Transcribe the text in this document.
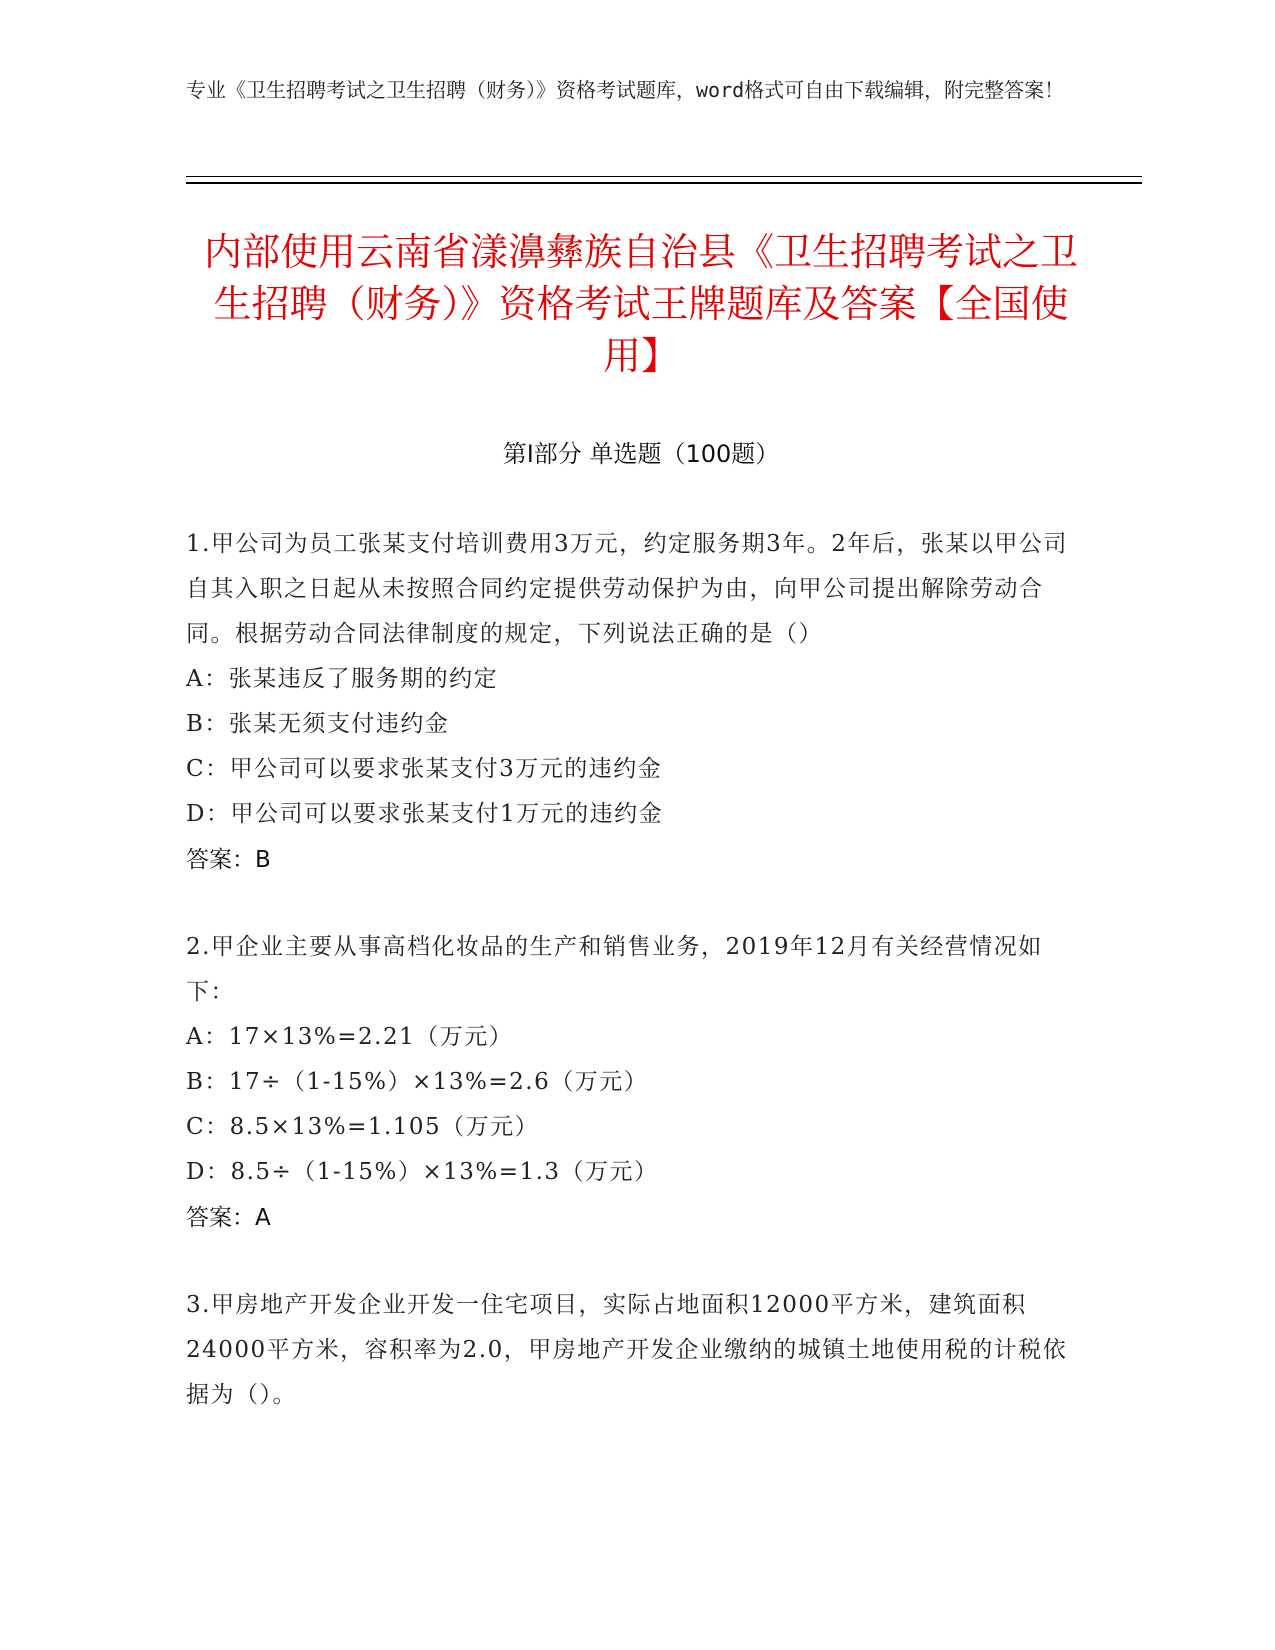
专业《卫生招聘考试之卫生招聘（财务）》资格考试题库，word格式可自由下载编辑，附完整答案！
内部使用云南省漾濞彝族自治县《卫生招聘考试之卫生招聘（财务）》资格考试王牌题库及答案【全国使用】
第Ⅰ部分 单选题（100题）
1.甲公司为员工张某支付培训费用3万元，约定服务期3年。2年后，张某以甲公司自其入职之日起从未按照合同约定提供劳动保护为由，向甲公司提出解除劳动合同。根据劳动合同法律制度的规定，下列说法正确的是（）
A：张某违反了服务期的约定
B：张某无须支付违约金
C：甲公司可以要求张某支付3万元的违约金
D：甲公司可以要求张某支付1万元的违约金
答案：B
2.甲企业主要从事高档化妆品的生产和销售业务，2019年12月有关经营情况如下：
A：17×13%=2.21（万元）
B：17÷（1-15%）×13%=2.6（万元）
C：8.5×13%=1.105（万元）
D：8.5÷（1-15%）×13%=1.3（万元）
答案：A
3.甲房地产开发企业开发一住宅项目，实际占地面积12000平方米，建筑面积24000平方米，容积率为2.0，甲房地产开发企业缴纳的城镇土地使用税的计税依据为（）。
